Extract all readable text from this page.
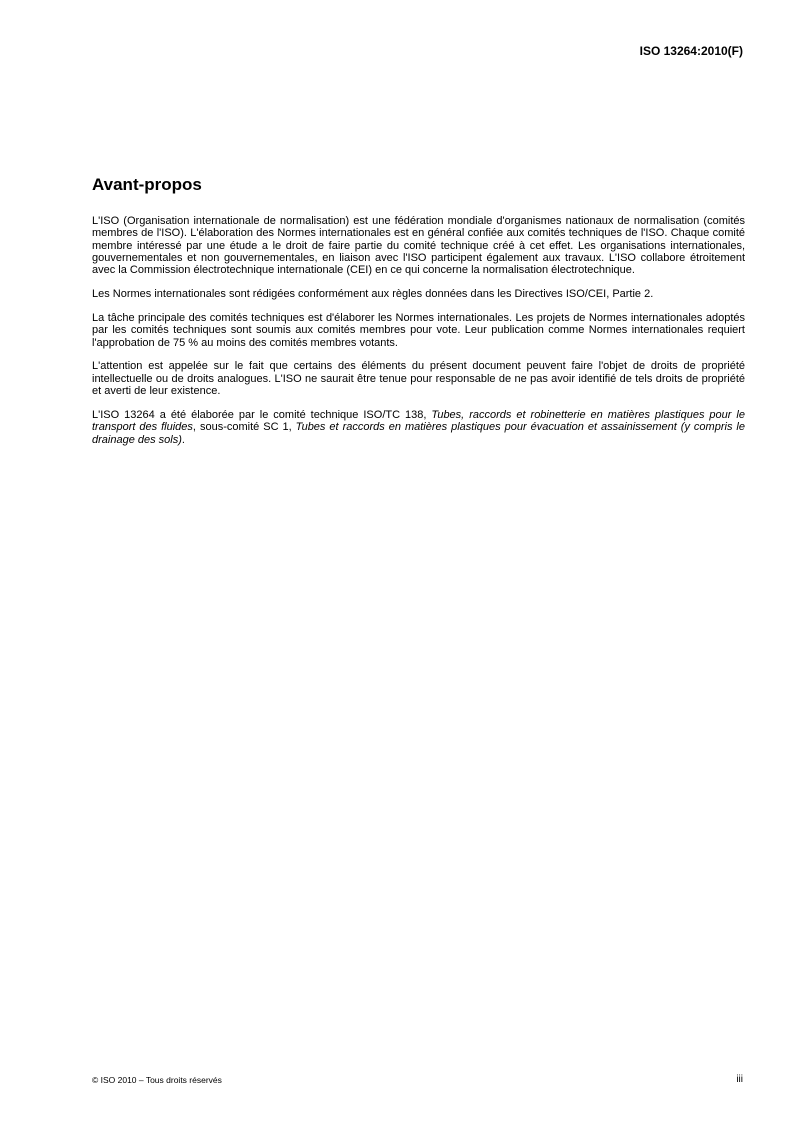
ISO 13264:2010(F)
Avant-propos

L'ISO (Organisation internationale de normalisation) est une fédération mondiale d'organismes nationaux de normalisation (comités membres de l'ISO). L'élaboration des Normes internationales est en général confiée aux comités techniques de l'ISO. Chaque comité membre intéressé par une étude a le droit de faire partie du comité technique créé à cet effet. Les organisations internationales, gouvernementales et non gouvernementales, en liaison avec l'ISO participent également aux travaux. L'ISO collabore étroitement avec la Commission électrotechnique internationale (CEI) en ce qui concerne la normalisation électrotechnique.

Les Normes internationales sont rédigées conformément aux règles données dans les Directives ISO/CEI, Partie 2.

La tâche principale des comités techniques est d'élaborer les Normes internationales. Les projets de Normes internationales adoptés par les comités techniques sont soumis aux comités membres pour vote. Leur publication comme Normes internationales requiert l'approbation de 75 % au moins des comités membres votants.

L'attention est appelée sur le fait que certains des éléments du présent document peuvent faire l'objet de droits de propriété intellectuelle ou de droits analogues. L'ISO ne saurait être tenue pour responsable de ne pas avoir identifié de tels droits de propriété et averti de leur existence.

L'ISO 13264 a été élaborée par le comité technique ISO/TC 138, Tubes, raccords et robinetterie en matières plastiques pour le transport des fluides, sous-comité SC 1, Tubes et raccords en matières plastiques pour évacuation et assainissement (y compris le drainage des sols).

© ISO 2010 – Tous droits réservés	iii
